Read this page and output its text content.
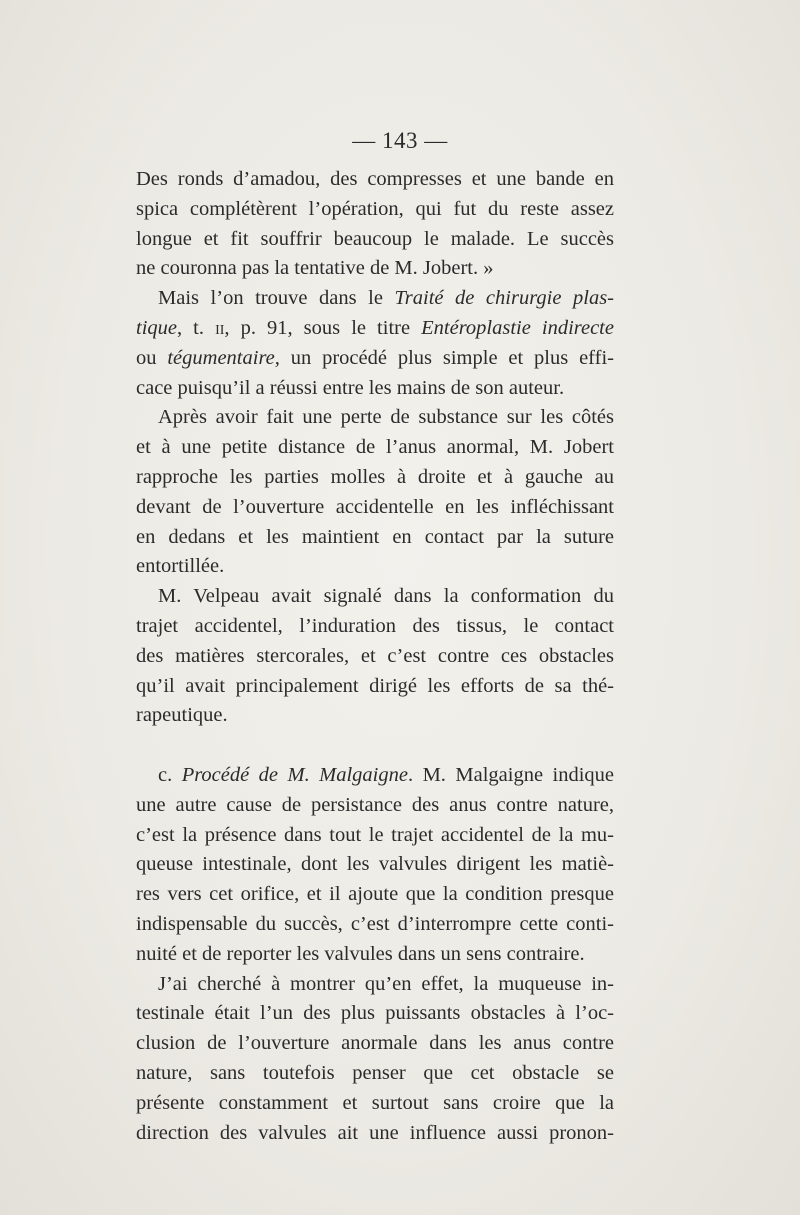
— 143 —
Des ronds d’amadou, des compresses et une bande en
spica complétèrent l’opération, qui fut du reste assez
longue et fit souffrir beaucoup le malade. Le succès
ne couronna pas la tentative de M. Jobert. »
Mais l’on trouve dans le Traité de chirurgie plas-
tique, t. ii, p. 91, sous le titre Entéroplastie indirecte
ou tégumentaire, un procédé plus simple et plus effi-
cace puisqu’il a réussi entre les mains de son auteur.
Après avoir fait une perte de substance sur les côtés
et à une petite distance de l’anus anormal, M. Jobert
rapproche les parties molles à droite et à gauche au
devant de l’ouverture accidentelle en les infléchissant
en dedans et les maintient en contact par la suture
entortillée.
M. Velpeau avait signalé dans la conformation du
trajet accidentel, l’induration des tissus, le contact
des matières stercorales, et c’est contre ces obstacles
qu’il avait principalement dirigé les efforts de sa thé-
rapeutique.
c. Procédé de M. Malgaigne. M. Malgaigne indique
une autre cause de persistance des anus contre nature,
c’est la présence dans tout le trajet accidentel de la mu-
queuse intestinale, dont les valvules dirigent les matiè-
res vers cet orifice, et il ajoute que la condition presque
indispensable du succès, c’est d’interrompre cette conti-
nuité et de reporter les valvules dans un sens contraire.
J’ai cherché à montrer qu’en effet, la muqueuse in-
testinale était l’un des plus puissants obstacles à l’oc-
clusion de l’ouverture anormale dans les anus contre
nature, sans toutefois penser que cet obstacle se
présente constamment et surtout sans croire que la
direction des valvules ait une influence aussi pronon-
